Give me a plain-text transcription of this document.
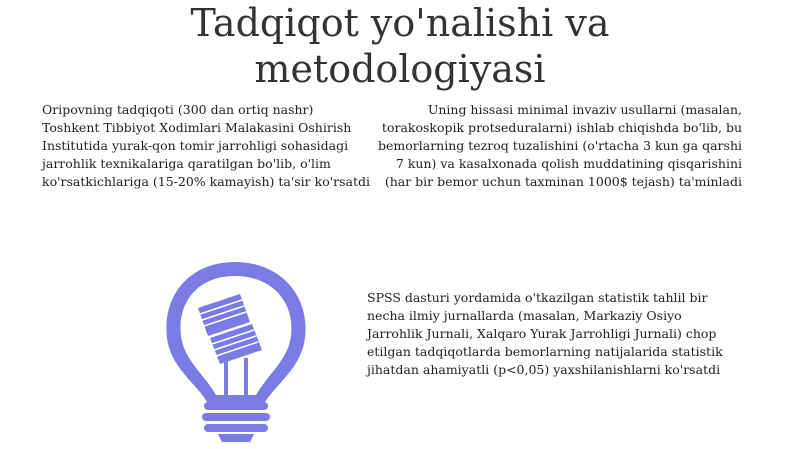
Tadqiqot yo'nalishi va
metodologiyasi

Oripovning tadqiqoti (300 dan ortiq nashr) Toshkent Tibbiyot Xodimlari Malakasini Oshirish Institutida yurak-qon tomir jarrohligi sohasidagi jarrohlik texnikalariga qaratilgan bo'lib, o'lim ko'rsatkichlariga (15-20% kamayish) ta'sir ko'rsatdi

Uning hissasi minimal invaziv usullarni (masalan, torakoskopik protseduralarni) ishlab chiqishda bo'lib, bu bemorlarning tezroq tuzalishini (o'rtacha 3 kun ga qarshi 7 kun) va kasalxonada qolish muddatining qisqarishini (har bir bemor uchun taxminan 1000$ tejash) ta'minladi

SPSS dasturi yordamida o'tkazilgan statistik tahlil bir necha ilmiy jurnallarda (masalan, Markaziy Osiyo Jarrohlik Jurnali, Xalqaro Yurak Jarrohligi Jurnali) chop etilgan tadqiqotlarda bemorlarning natijalarida statistik jihatdan ahamiyatli (p<0,05) yaxshilanishlarni ko'rsatdi
